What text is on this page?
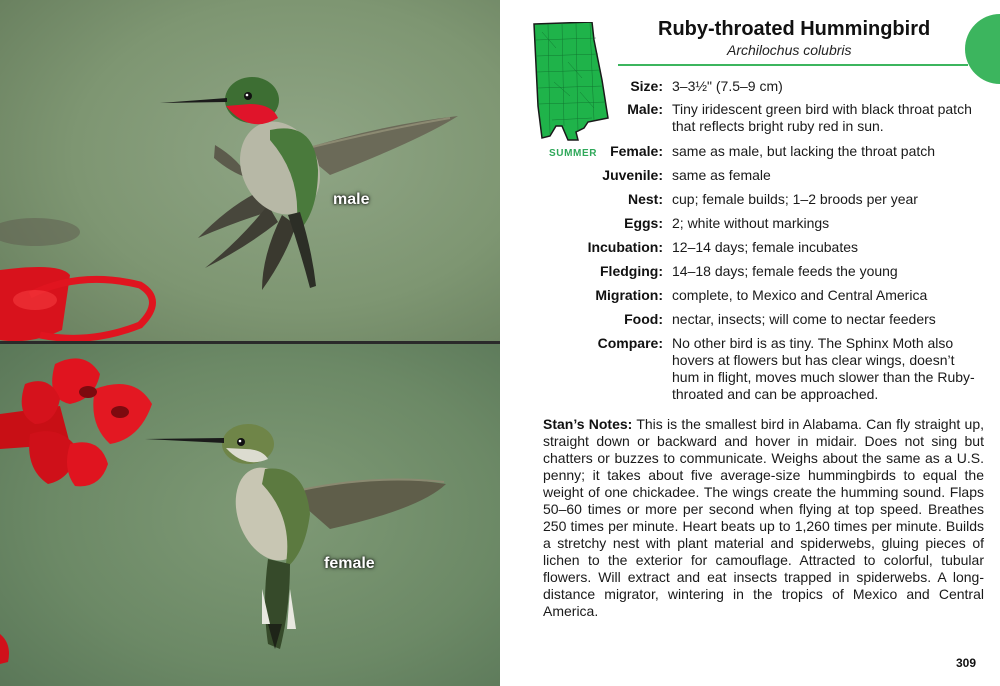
male
female
SUMMER
Ruby-throated Hummingbird
Archilochus colubris
Size: 3–3½" (7.5–9 cm)
Male: Tiny iridescent green bird with black throat patch that reflects bright ruby red in sun.
Female: same as male, but lacking the throat patch
Juvenile: same as female
Nest: cup; female builds; 1–2 broods per year
Eggs: 2; white without markings
Incubation: 12–14 days; female incubates
Fledging: 14–18 days; female feeds the young
Migration: complete, to Mexico and Central America
Food: nectar, insects; will come to nectar feeders
Compare: No other bird is as tiny. The Sphinx Moth also hovers at flowers but has clear wings, doesn’t hum in flight, moves much slower than the Ruby-throated and can be approached.
Stan’s Notes: This is the smallest bird in Alabama. Can fly straight up, straight down or backward and hover in midair. Does not sing but chatters or buzzes to communicate. Weighs about the same as a U.S. penny; it takes about five average-size hummingbirds to equal the weight of one chickadee. The wings create the humming sound. Flaps 50–60 times or more per second when flying at top speed. Breathes 250 times per minute. Heart beats up to 1,260 times per minute. Builds a stretchy nest with plant material and spiderwebs, gluing pieces of lichen to the exterior for camouflage. Attracted to colorful, tubular flowers. Will extract and eat insects trapped in spiderwebs. A long-distance migrator, wintering in the tropics of Mexico and Central America.
309
